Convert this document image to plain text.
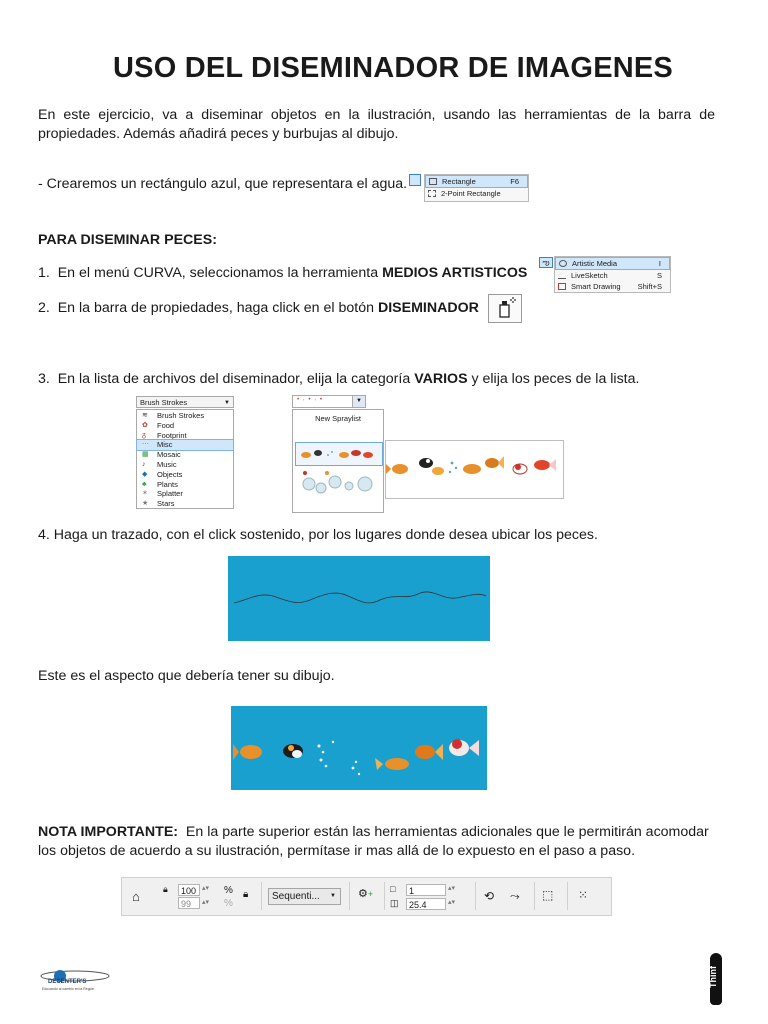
USO DEL DISEMINADOR DE IMAGENES
En este ejercicio, va a diseminar objetos en la ilustración, usando las herramientas de la barra de
propiedades. Además añadirá peces y burbujas al dibujo.
- Crearemos un rectángulo azul, que representara el agua.	Rectangle	F6
2-Point Rectangle
PARA DISEMINAR PECES:
1.  En el menú CURVA, seleccionamos la herramienta MEDIOS ARTISTICOS
ఌ	Artistic Media	I
LiveSketch	S
Smart Drawing Shift+S
2.  En la barra de propiedades, haga click en el botón DISEMINADOR
3.  En la lista de archivos del diseminador, elija la categoría VARIOS y elija los peces de la lista.
Brush Strokes	▼
≋ Brush Strokes
✿ Food
ᵹ	Footprint
⋯ Misc
▦ Mosaic
♪	Music
◆ Objects
♣	Plants
✶ Splatter
★ Stars
• ˖ • ˖ •	▼
New Spraylist
4. Haga un trazado, con el click sostenido, por los lugares donde desea ubicar los peces.
Este es el aspecto que debería tener su dibujo.
NOTA IMPORTANTE:  En la parte superior están las herramientas adicionales que le permitirán acomodar
los objetos de acuerdo a su ilustración, permítase ir mas allá de lo expuesto en el paso a paso.
⌂	🔒︎	100
99
▴▾
▴▾
%
%
🔒︎	Sequenti... ▼ ⚙+ □
◫
1
25.4
▴▾
▴▾ ⟲ ⤳ ⬚ ⁙
DECENTER'S
Educando al cambio en la Región
Thinf
